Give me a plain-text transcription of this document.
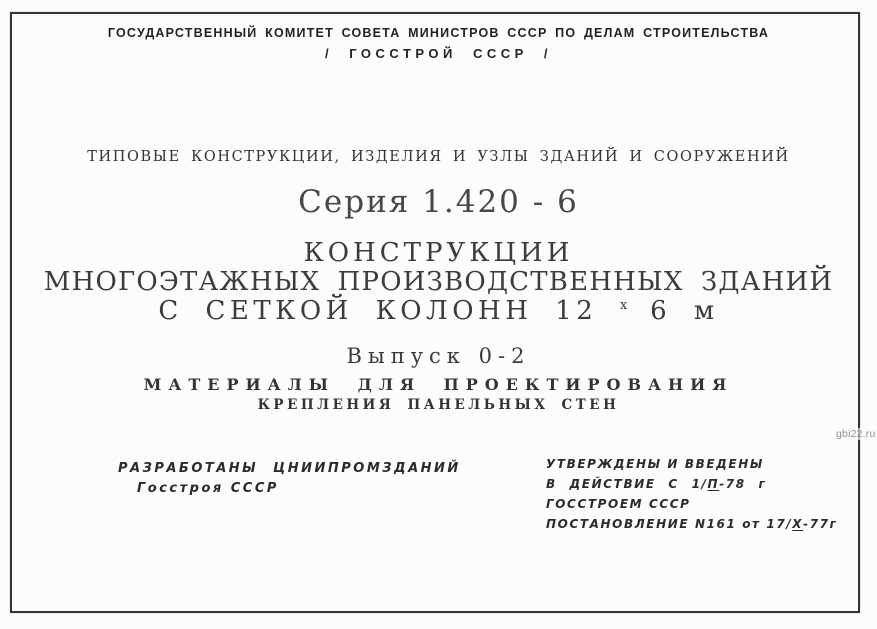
ГОСУДАРСТВЕННЫЙ КОМИТЕТ СОВЕТА МИНИСТРОВ СССР ПО ДЕЛАМ СТРОИТЕЛЬСТВА
/ ГОССТРОЙ СССР /
ТИПОВЫЕ КОНСТРУКЦИИ, ИЗДЕЛИЯ И УЗЛЫ ЗДАНИЙ И СООРУЖЕНИЙ
Серия 1.420 - 6
КОНСТРУКЦИИ
МНОГОЭТАЖНЫХ ПРОИЗВОДСТВЕННЫХ ЗДАНИЙ
С СЕТКОЙ КОЛОНН 12 $^х$ 6 м
Выпуск 0-2
МАТЕРИАЛЫ ДЛЯ ПРОЕКТИРОВАНИЯ
КРЕПЛЕНИЯ ПАНЕЛЬНЫХ СТЕН
РАЗРАБОТАНЫ ЦНИИПРОМЗДАНИЙ
Госстроя СССР
УТВЕРЖДЕНЫ И ВВЕДЕНЫ
В ДЕЙСТВИЕ С 1/П-78 г
ГОССТРОЕМ СССР
ПОСТАНОВЛЕНИЕ N161 от 17/Х-77г
gbi22.ru
